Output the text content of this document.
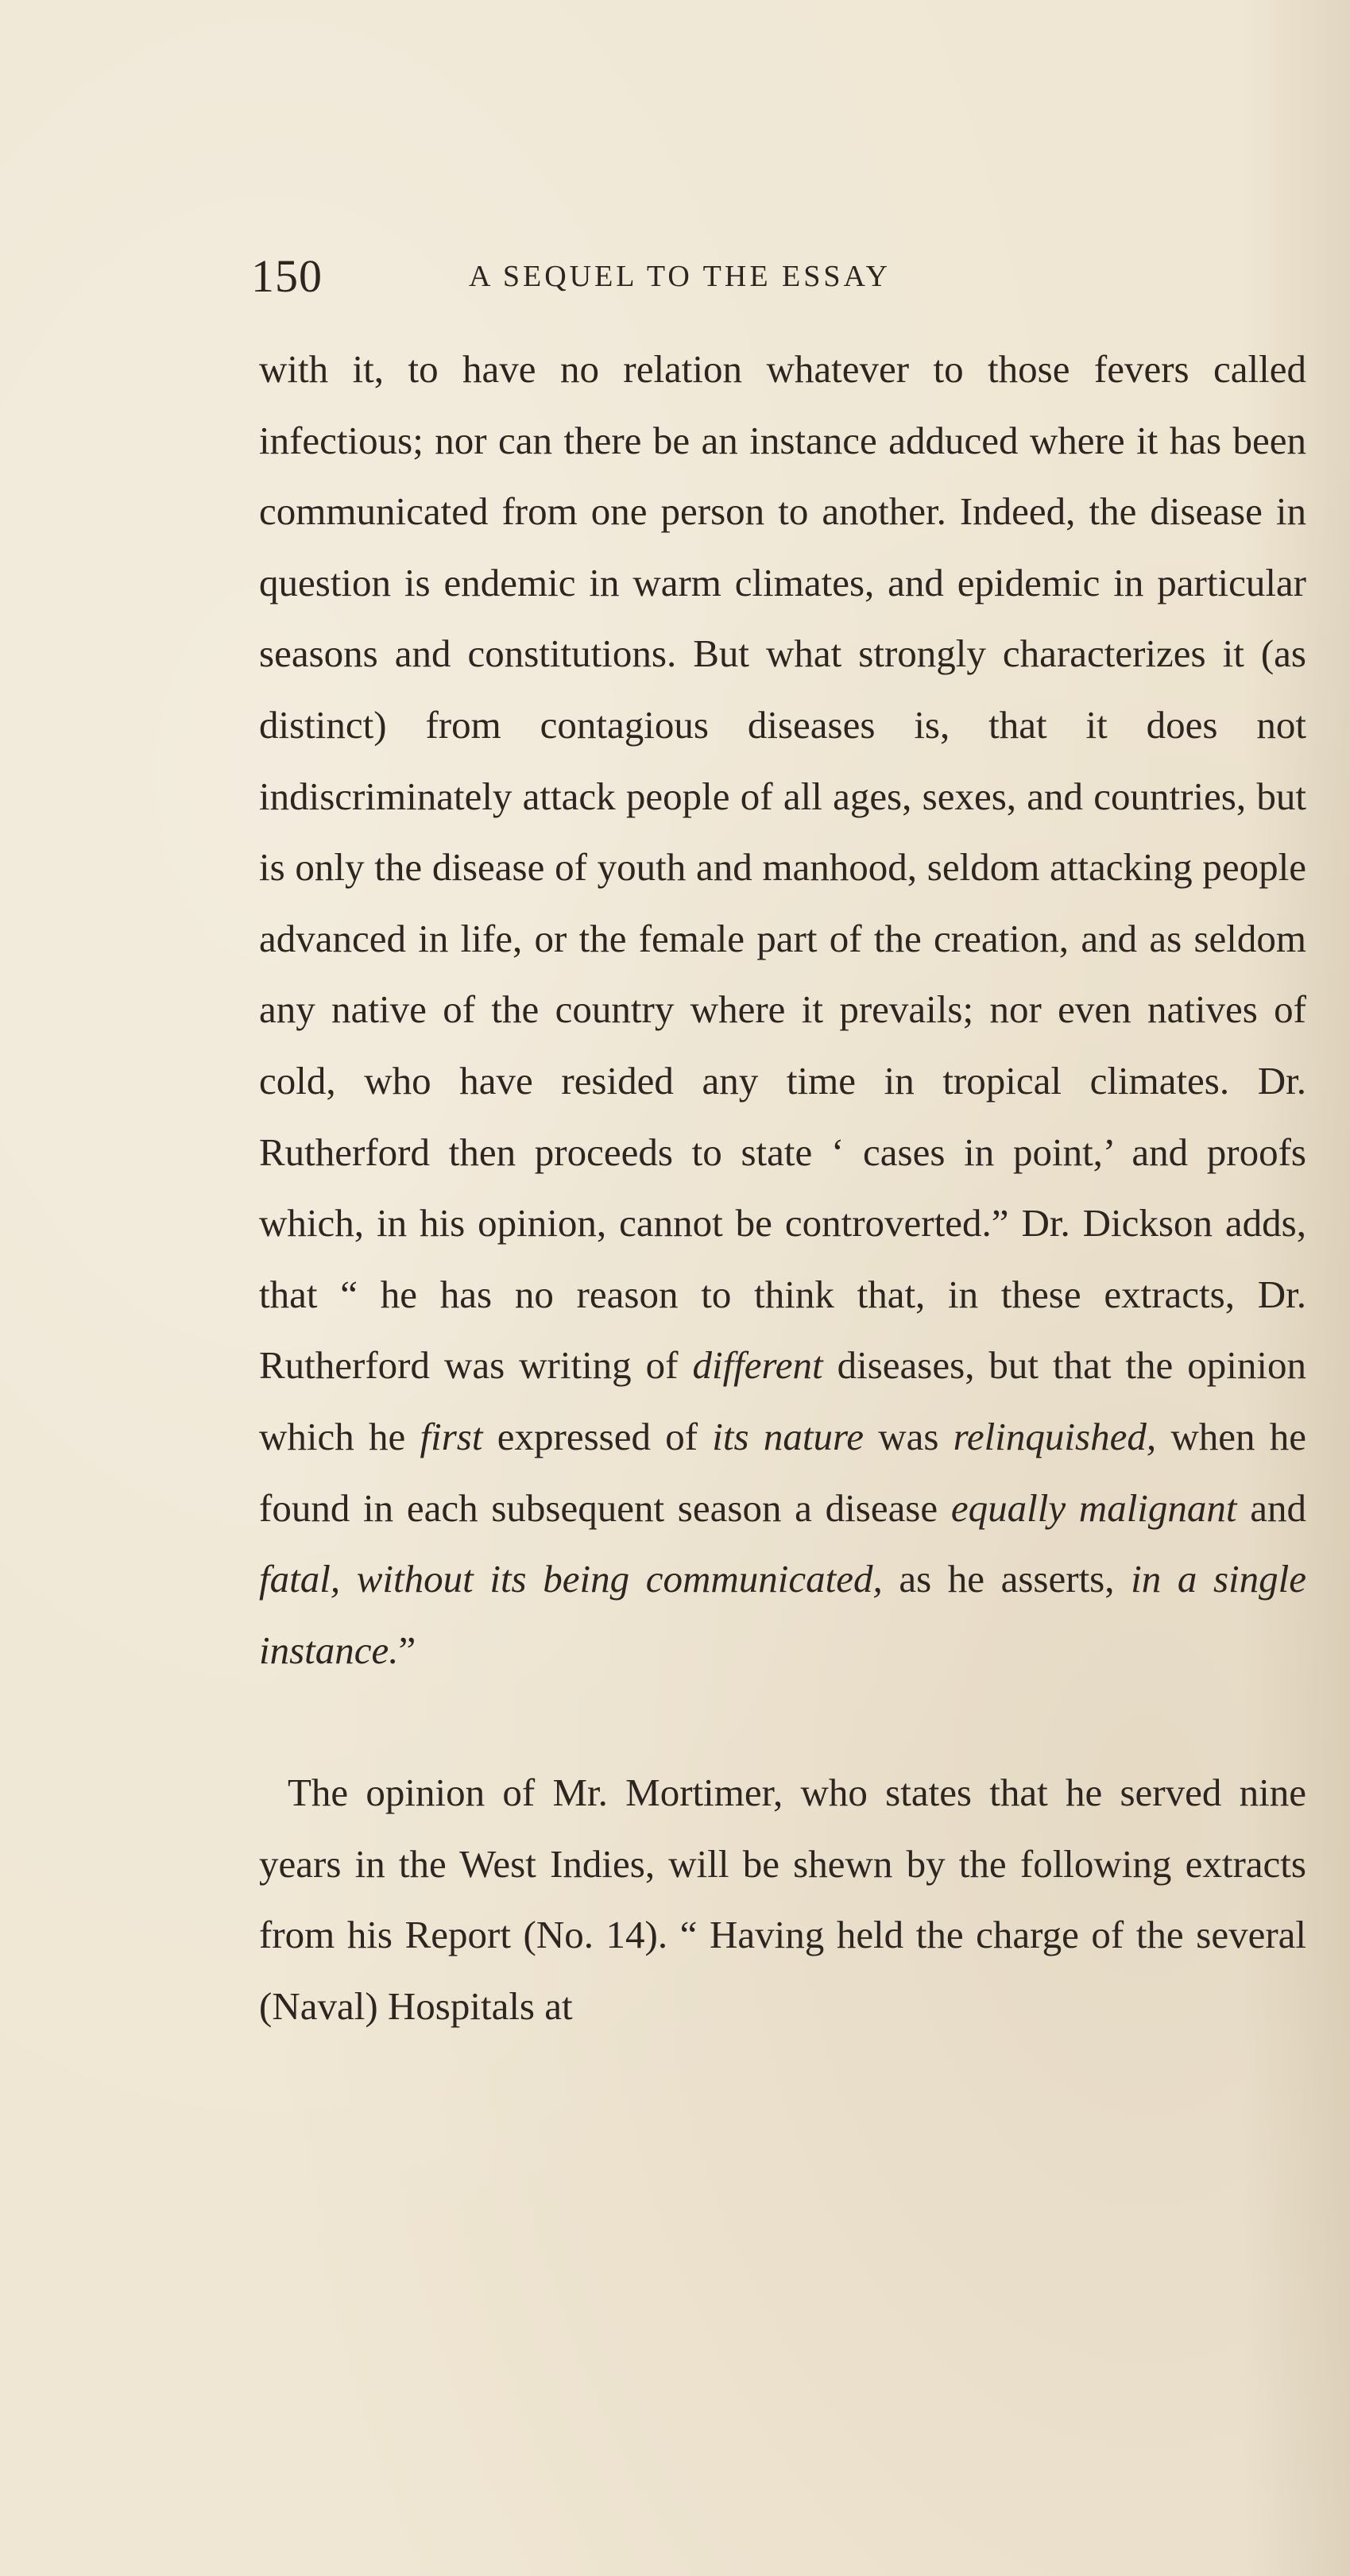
150	A SEQUEL TO THE ESSAY

with it, to have no relation whatever to those fevers called infectious; nor can there be an instance adduced where it has been communicated from one person to another. Indeed, the disease in question is endemic in warm climates, and epidemic in particular seasons and constitutions. But what strongly characterizes it (as distinct) from contagious diseases is, that it does not indiscriminately attack people of all ages, sexes, and countries, but is only the disease of youth and manhood, seldom attacking people advanced in life, or the female part of the creation, and as seldom any native of the country where it prevails; nor even natives of cold, who have resided any time in tropical climates. Dr. Rutherford then proceeds to state ‘ cases in point,’ and proofs which, in his opinion, cannot be controverted.” Dr. Dickson adds, that “ he has no reason to think that, in these extracts, Dr. Rutherford was writing of different diseases, but that the opinion which he first expressed of its nature was relinquished, when he found in each subsequent season a disease equally malignant and fatal, without its being communicated, as he asserts, in a single instance.”

The opinion of Mr. Mortimer, who states that he served nine years in the West Indies, will be shewn by the following extracts from his Report (No. 14). “ Having held the charge of the several (Naval) Hospitals at
